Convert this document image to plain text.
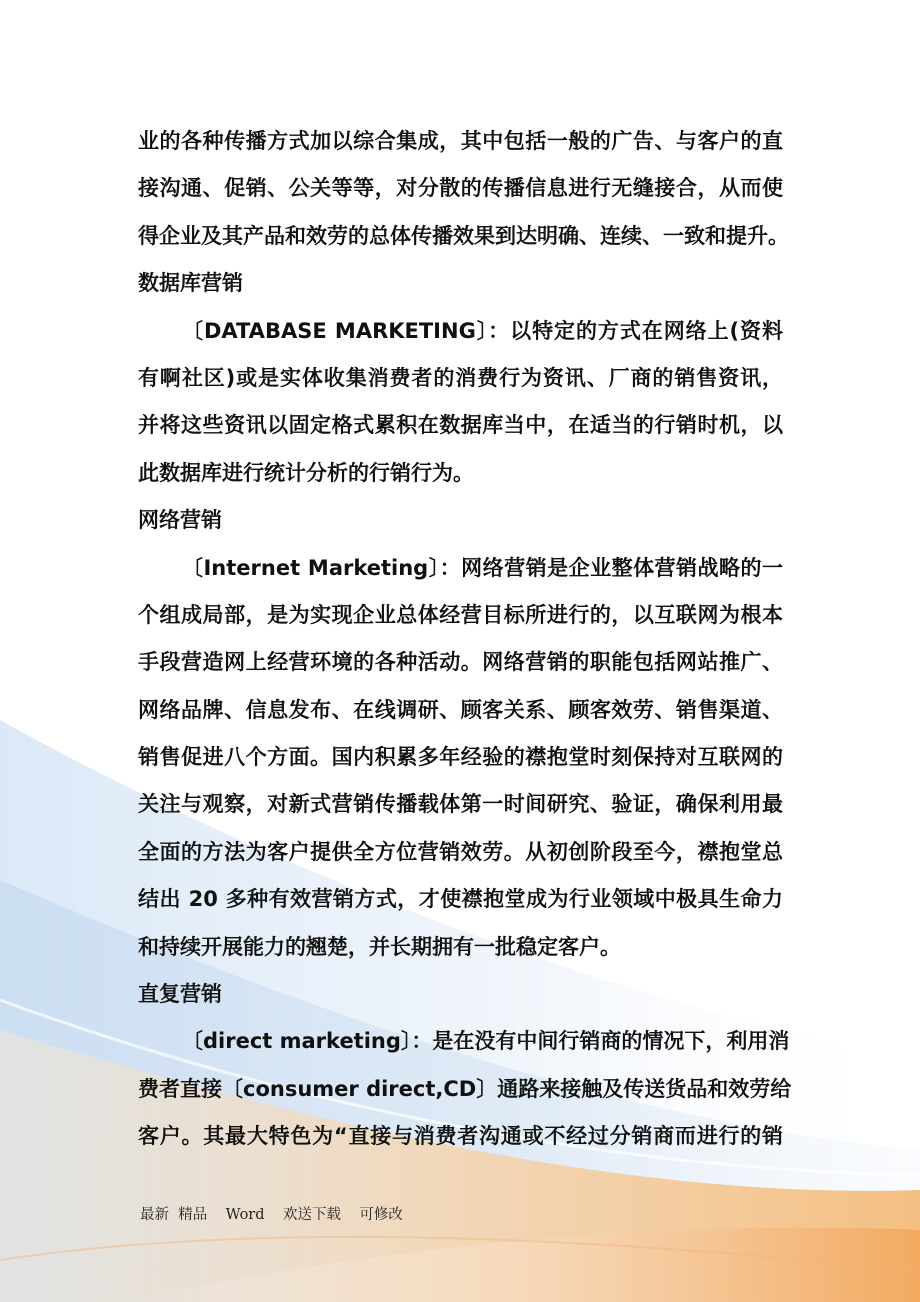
业的各种传播方式加以综合集成，其中包括一般的广告、与客户的直
接沟通、促销、公关等等，对分散的传播信息进行无缝接合，从而使
得企业及其产品和效劳的总体传播效果到达明确、连续、一致和提升。
数据库营销
〔DATABASE MARKETING〕：以特定的方式在网络上(资料
有啊社区)或是实体收集消费者的消费行为资讯、厂商的销售资讯，
并将这些资讯以固定格式累积在数据库当中，在适当的行销时机，以
此数据库进行统计分析的行销行为。
网络营销
〔Internet Marketing〕：网络营销是企业整体营销战略的一
个组成局部，是为实现企业总体经营目标所进行的，以互联网为根本
手段营造网上经营环境的各种活动。网络营销的职能包括网站推广、
网络品牌、信息发布、在线调研、顾客关系、顾客效劳、销售渠道、
销售促进八个方面。国内积累多年经验的襟抱堂时刻保持对互联网的
关注与观察，对新式营销传播载体第一时间研究、验证，确保利用最
全面的方法为客户提供全方位营销效劳。从初创阶段至今，襟抱堂总
结出 20 多种有效营销方式，才使襟抱堂成为行业领域中极具生命力
和持续开展能力的翘楚，并长期拥有一批稳定客户。
直复营销
〔direct marketing〕：是在没有中间行销商的情况下，利用消
费者直接〔consumer direct,CD〕通路来接触及传送货品和效劳给
客户。其最大特色为“直接与消费者沟通或不经过分销商而进行的销
最新  精品    Word    欢送下载    可修改
